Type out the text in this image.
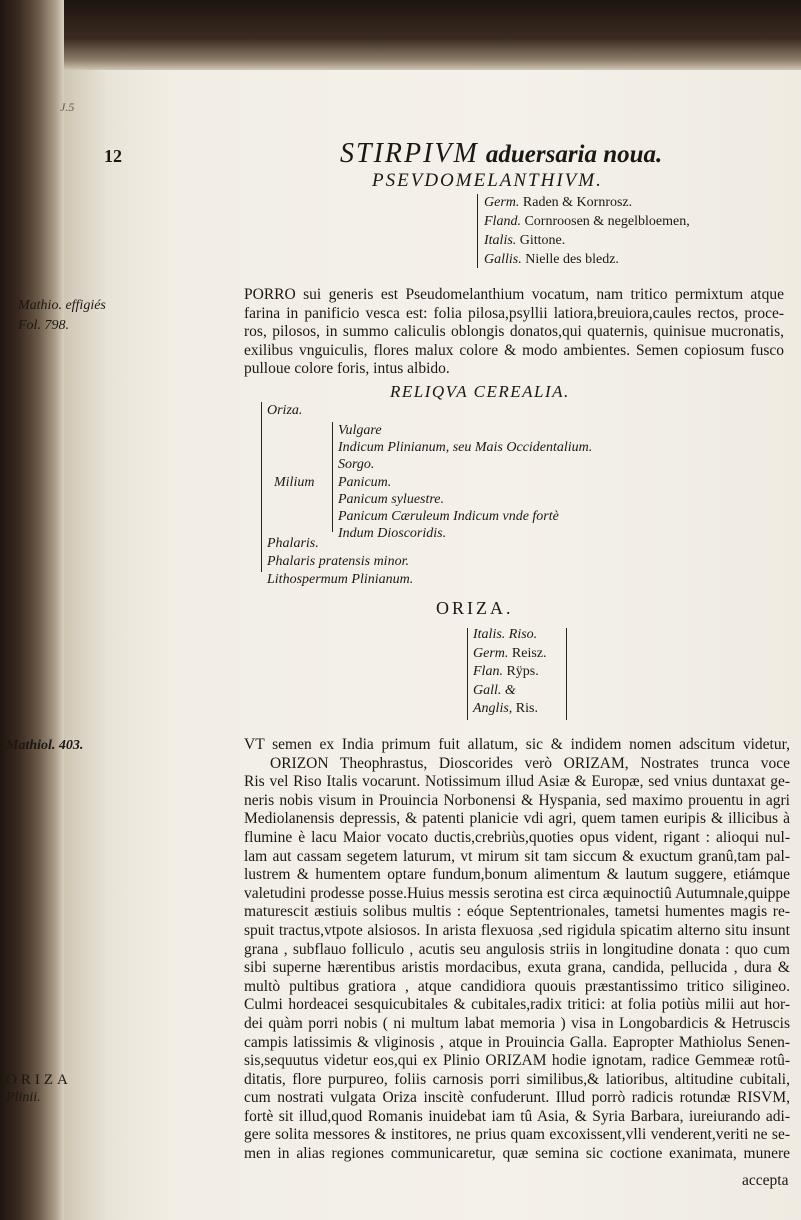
J.5
12	STIRPIVM aduersaria noua.
PSEVDOMELANTHIVM.
Germ. Raden & Kornrosz.
Fland. Cornroosen & negelbloemen,
Italis. Gittone.
Gallis. Nielle des bledz.
Mathio. effigiés
Fol. 798.
PORRO sui generis est Pseudomelanthium vocatum, nam tritico permixtum atque
farina in panificio vesca est: folia pilosa,psyllii latiora,breuiora,caules rectos, proce-
ros, pilosos, in summo caliculis oblongis donatos,qui quaternis, quinisue mucronatis,
exilibus vnguiculis, flores malux colore & modo ambientes. Semen copiosum fusco
pulloue colore foris, intus albido.
RELIQVA CEREALIA.
Oriza.
Milium
Vulgare
Indicum Plinianum, seu Mais Occidentalium.
Sorgo.
Panicum.
Panicum syluestre.
Panicum Cæruleum Indicum vnde fortè
Indum Dioscoridis.
Phalaris.
Phalaris pratensis minor.
Lithospermum Plinianum.
ORIZA.
Italis. Riso.
Germ. Reisz.
Flan. Rÿps.
Gall. &
Anglis, Ris.
Mathiol. 403.
ORIZA
Plinii.
VT semen ex India primum fuit allatum, sic & indidem nomen adscitum videtur,
ORIZON Theophrastus, Dioscorides verò ORIZAM, Nostrates trunca voce
Ris vel Riso Italis vocarunt. Notissimum illud Asiæ & Europæ, sed vnius duntaxat ge-
neris nobis visum in Prouincia Norbonensi & Hyspania, sed maximo prouentu in agri
Mediolanensis depressis, & patenti planicie vdi agri, quem tamen euripis & illicibus à
flumine è lacu Maior vocato ductis,crebriùs,quoties opus vident, rigant : alioqui nul-
lam aut cassam segetem laturum, vt mirum sit tam siccum & exuctum granû,tam pal-
lustrem & humentem optare fundum,bonum alimentum & lautum suggere, etiámque
valetudini prodesse posse.Huius messis serotina est circa æquinoctiû Autumnale,quippe
maturescit æstiuis solibus multis : eóque Septentrionales, tametsi humentes magis re-
spuit tractus,vtpote alsiosos. In arista flexuosa ,sed rigidula spicatim alterno situ insunt
grana , subflauo folliculo , acutis seu angulosis striis in longitudine donata : quo cum
sibi superne hærentibus aristis mordacibus, exuta grana, candida, pellucida , dura &
multò pultibus gratiora , atque candidiora quouis præstantissimo tritico siligineo.
Culmi hordeacei sesquicubitales & cubitales,radix tritici: at folia potiùs milii aut hor-
dei quàm porri nobis ( ni multum labat memoria ) visa in Longobardicis & Hetruscis
campis latissimis & vliginosis , atque in Prouincia Galla. Eapropter Mathiolus Senen-
sis,sequutus videtur eos,qui ex Plinio ORIZAM hodie ignotam, radice Gemmeæ rotû-
ditatis, flore purpureo, foliis carnosis porri similibus,& latioribus, altitudine cubitali,
cum nostrati vulgata Oriza inscitè confuderunt. Illud porrò radicis rotundæ RISVM,
fortè sit illud,quod Romanis inuidebat iam tû Asia, & Syria Barbara, iureiurando adi-
gere solita messores & institores, ne prius quam excoxissent,vlli venderent,veriti ne se-
men in alias regiones communicaretur, quæ semina sic coctione exanimata, munere
accepta
